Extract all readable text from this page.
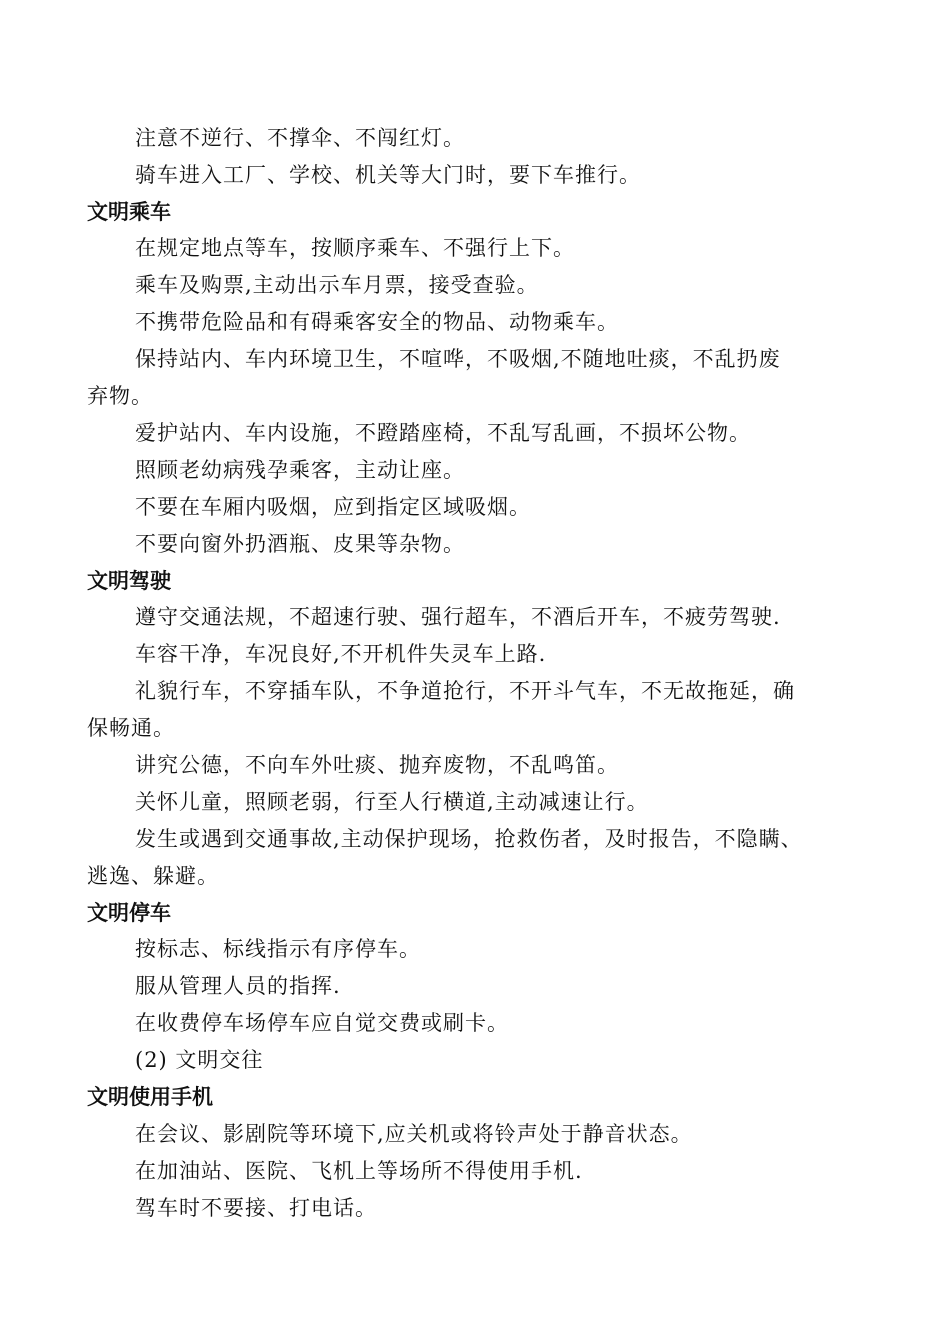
注意不逆行、不撑伞、不闯红灯。
骑车进入工厂、学校、机关等大门时，要下车推行。
文明乘车
在规定地点等车，按顺序乘车、不强行上下。
乘车及购票,主动出示车月票，接受查验。
不携带危险品和有碍乘客安全的物品、动物乘车。
保持站内、车内环境卫生，不喧哗，不吸烟,不随地吐痰，不乱扔废
弃物。
爱护站内、车内设施，不蹬踏座椅，不乱写乱画，不损坏公物。
照顾老幼病残孕乘客，主动让座。
不要在车厢内吸烟，应到指定区域吸烟。
不要向窗外扔酒瓶、皮果等杂物。
文明驾驶
遵守交通法规，不超速行驶、强行超车，不酒后开车，不疲劳驾驶.
车容干净，车况良好,不开机件失灵车上路.
礼貌行车，不穿插车队，不争道抢行，不开斗气车，不无故拖延，确
保畅通。
讲究公德，不向车外吐痰、抛弃废物，不乱鸣笛。
关怀儿童，照顾老弱，行至人行横道,主动减速让行。
发生或遇到交通事故,主动保护现场，抢救伤者，及时报告，不隐瞒、
逃逸、躲避。
文明停车
按标志、标线指示有序停车。
服从管理人员的指挥.
在收费停车场停车应自觉交费或刷卡。
(2) 文明交往
文明使用手机
在会议、影剧院等环境下,应关机或将铃声处于静音状态。
在加油站、医院、飞机上等场所不得使用手机.
驾车时不要接、打电话。
